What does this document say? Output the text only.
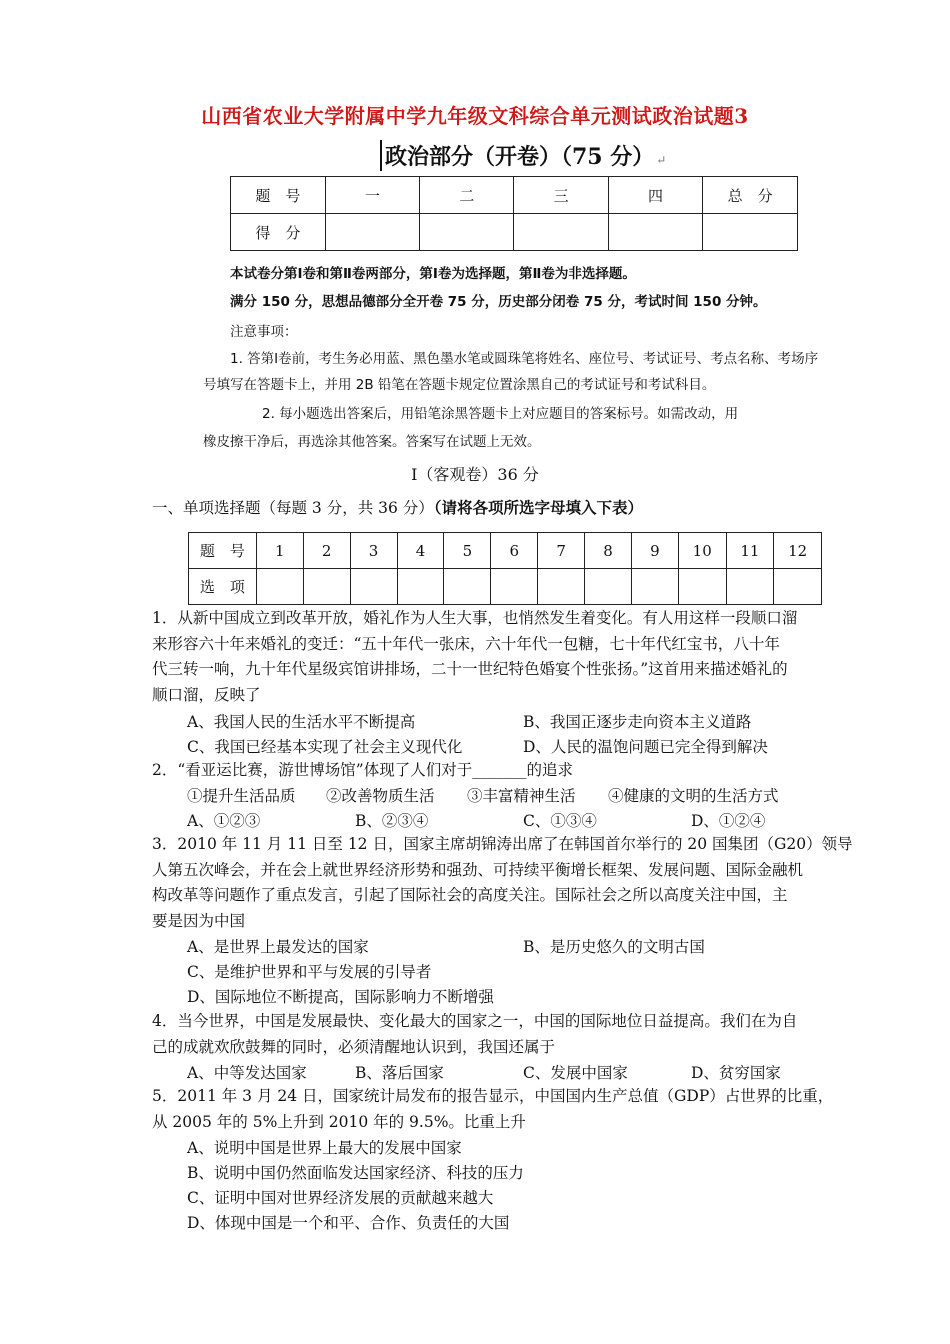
山西省农业大学附属中学九年级文科综合单元测试政治试题3
政治部分（开卷）（75 分） ↵
题　号	一	二	三	四	总　分
得　分					
本试卷分第Ⅰ卷和第Ⅱ卷两部分，第Ⅰ卷为选择题，第Ⅱ卷为非选择题。
满分 150 分，思想品德部分全开卷 75 分，历史部分闭卷 75 分，考试时间 150 分钟。
注意事项：
1. 答第Ⅰ卷前，考生务必用蓝、黑色墨水笔或圆珠笔将姓名、座位号、考试证号、考点名称、考场序
号填写在答题卡上，并用 2B 铅笔在答题卡规定位置涂黑自己的考试证号和考试科目。
2. 每小题选出答案后，用铅笔涂黑答题卡上对应题目的答案标号。如需改动，用
橡皮擦干净后，再选涂其他答案。答案写在试题上无效。
Ⅰ（客观卷）36 分
一、单项选择题（每题 3 分，共 36 分）（请将各项所选字母填入下表）
题　号	1	2	3	4	5	6	7	8	9	10	11	12
选　项												
1．从新中国成立到改革开放，婚礼作为人生大事，也悄然发生着变化。有人用这样一段顺口溜
来形容六十年来婚礼的变迁：“五十年代一张床，六十年代一包糖，七十年代红宝书，八十年
代三转一响，九十年代星级宾馆讲排场，二十一世纪特色婚宴个性张扬。”这首用来描述婚礼的
顺口溜，反映了
A、我国人民的生活水平不断提高	B、我国正逐步走向资本主义道路
C、我国已经基本实现了社会主义现代化	D、人民的温饱问题已完全得到解决
2．“看亚运比赛，游世博场馆”体现了人们对于_______的追求
①提升生活品质 ②改善物质生活 ③丰富精神生活 ④健康的文明的生活方式
A、①②③	B、②③④	C、①③④	D、①②④
3．2010 年 11 月 11 日至 12 日，国家主席胡锦涛出席了在韩国首尔举行的 20 国集团（G20）领导
人第五次峰会，并在会上就世界经济形势和强劲、可持续平衡增长框架、发展问题、国际金融机
构改革等问题作了重点发言，引起了国际社会的高度关注。国际社会之所以高度关注中国，主
要是因为中国
A、是世界上最发达的国家	B、是历史悠久的文明古国
C、是维护世界和平与发展的引导者
D、国际地位不断提高，国际影响力不断增强
4．当今世界，中国是发展最快、变化最大的国家之一，中国的国际地位日益提高。我们在为自
己的成就欢欣鼓舞的同时，必须清醒地认识到，我国还属于
A、中等发达国家	B、落后国家	C、发展中国家	D、贫穷国家
5．2011 年 3 月 24 日，国家统计局发布的报告显示，中国国内生产总值（GDP）占世界的比重，
从 2005 年的 5%上升到 2010 年的 9.5%。比重上升
A、说明中国是世界上最大的发展中国家
B、说明中国仍然面临发达国家经济、科技的压力
C、证明中国对世界经济发展的贡献越来越大
D、体现中国是一个和平、合作、负责任的大国
